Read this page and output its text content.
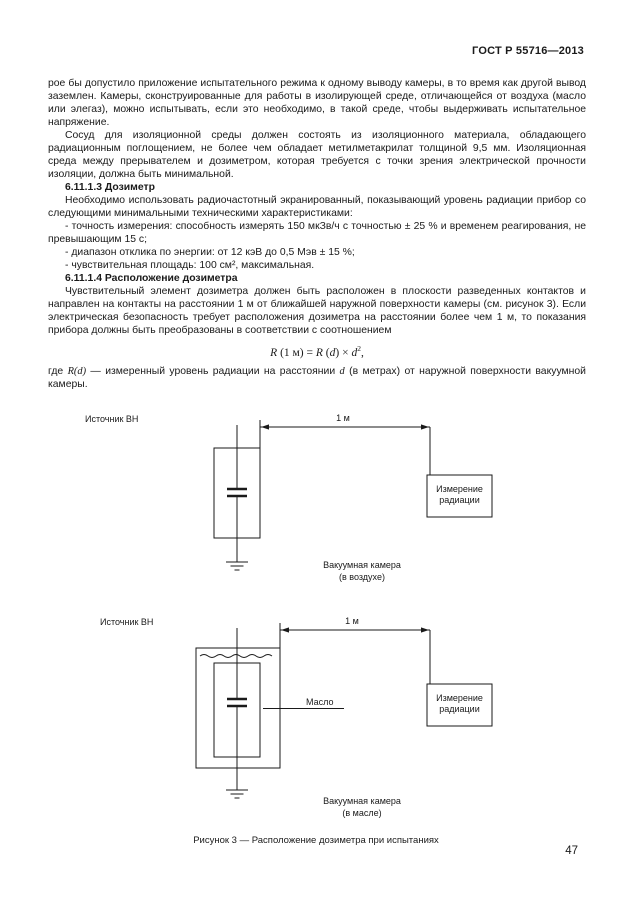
ГОСТ Р 55716—2013

рое бы допустило приложение испытательного режима к одному выводу камеры, в то время как другой вывод заземлен. Камеры, сконструированные для работы в изолирующей среде, отличающейся от воздуха (масло или элегаз), можно испытывать, если это необходимо, в такой среде, чтобы выдерживать испытательное напряжение.

Сосуд для изоляционной среды должен состоять из изоляционного материала, обладающего радиационным поглощением, не более чем обладает метилметакрилат толщиной 9,5 мм. Изоляционная среда между прерывателем и дозиметром, которая требуется с точки зрения электрической прочности изоляции, должна быть минимальной.

6.11.1.3 Дозиметр

Необходимо использовать радиочастотный экранированный, показывающий уровень радиации прибор со следующими минимальными техническими характеристиками:

- точность измерения: способность измерять 150 мкЗв/ч с точностью ± 25 % и временем реагирования, не превышающим 15 с;

- диапазон отклика по энергии: от 12 кэВ до 0,5 Мэв ± 15 %;

- чувствительная площадь: 100 см², максимальная.

6.11.1.4 Расположение дозиметра

Чувствительный элемент дозиметра должен быть расположен в плоскости разведенных контактов и направлен на контакты на расстоянии 1 м от ближайшей наружной поверхности камеры (см. рисунок 3). Если электрическая безопасность требует расположения дозиметра на расстоянии более чем 1 м, то показания прибора должны быть преобразованы в соответствии с соотношением

R (1 м) = R $(d) \times d^2$,

где R(d) — измеренный уровень радиации на расстоянии d (в метрах) от наружной поверхности вакуумной камеры.

Источник ВН	1 м
Измерение
радиации
Вакуумная камера
(в воздухе)
Источник ВН
Масло
1 м
Измерение
радиации
Вакуумная камера
(в масле)
Рисунок 3 — Расположение дозиметра при испытаниях
47
